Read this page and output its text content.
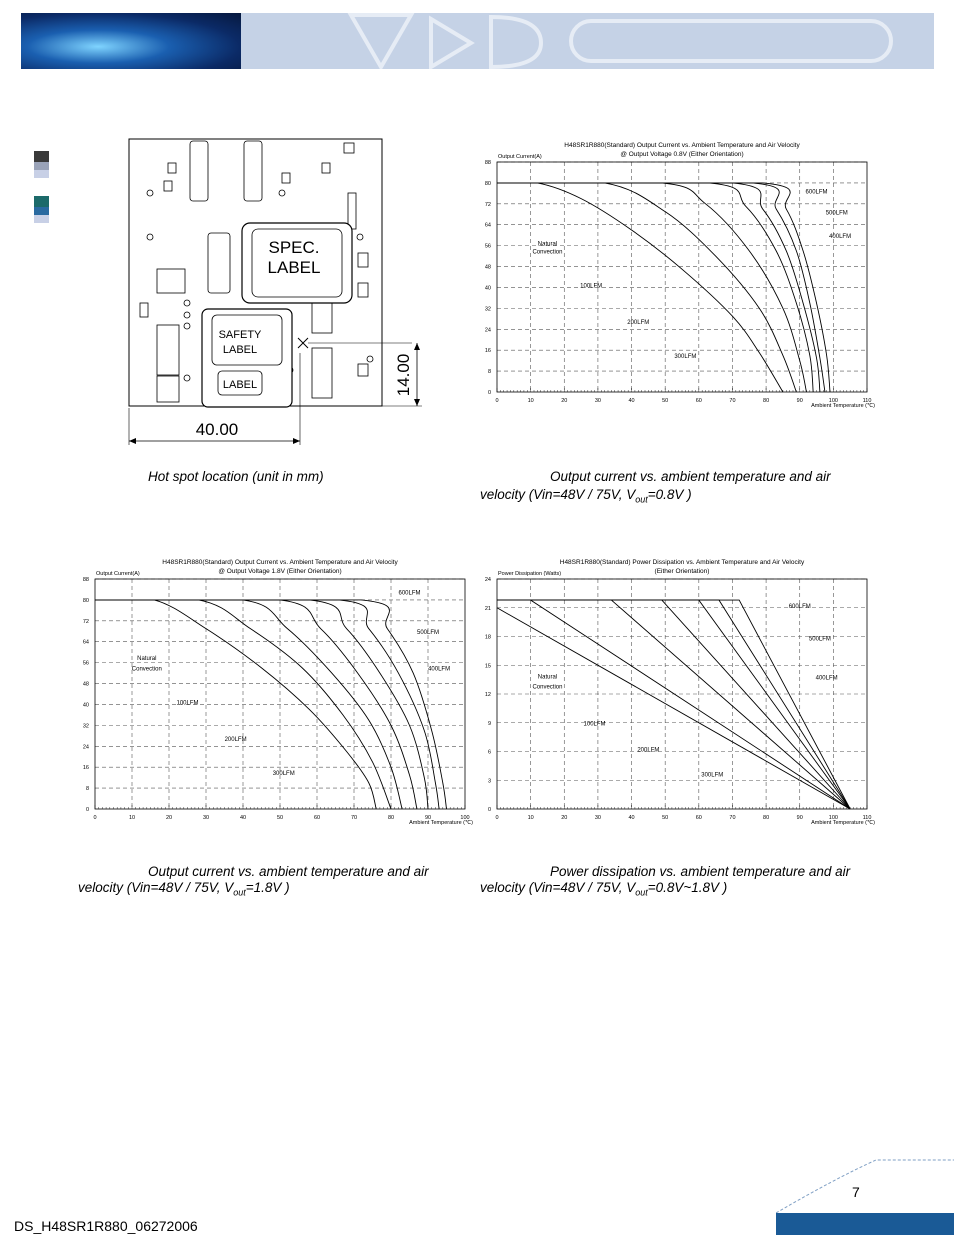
SPEC.
LABEL
SAFETY
LABEL
LABEL
40.00
14.00
H48SR1R880(Standard) Output Current vs. Ambient Temperature and Air Velocity
@ Output Voltage 0.8V (Either Orientation)
Output Current(A)
0
8
16
24
32
40
48
56
64
72
80
88
0	10	20	30	40	50	60	70	80	90	100	110
Ambient Temperature (℃)
600LFM
500LFM
400LFM
Natural
Convection
100LFM
200LFM
300LFM
H48SR1R880(Standard) Output Current vs. Ambient Temperature and Air Velocity
@ Output Voltage 1.8V (Either Orientation)
Output Current(A)
0
8
16
24
32
40
48
56
64
72
80
88
0	10	20	30	40	50	60	70	80	90	100
Ambient Temperature (℃)
600LFM
500LFM
400LFM
Natural
Convection
100LFM
200LFM
300LFM
H48SR1R880(Standard) Power Dissipation vs. Ambient Temperature and Air Velocity
(Either Orientation)
Power Dissipation (Watts)
0
3
6
9
12
15
18
21
24
0	10	20	30	40	50	60	70	80	90	100	110
Ambient Temperature (℃)
600LFM
500LFM
400LFM
Natural
Convection
100LFM
200LFM
300LFM
Hot spot location (unit in mm)	Output current vs. ambient temperature and air
velocity (Vin=48V / 75V, $V_{out}=0.8V$ )
Output current vs. ambient temperature and air
velocity (Vin=48V / 75V, $V_{out}=1.8V$ )
Power dissipation vs. ambient temperature and air
velocity (Vin=48V / 75V, $V_{out}=0.8V\sim 1.8V$ )
7
DS_H48SR1R880_06272006
